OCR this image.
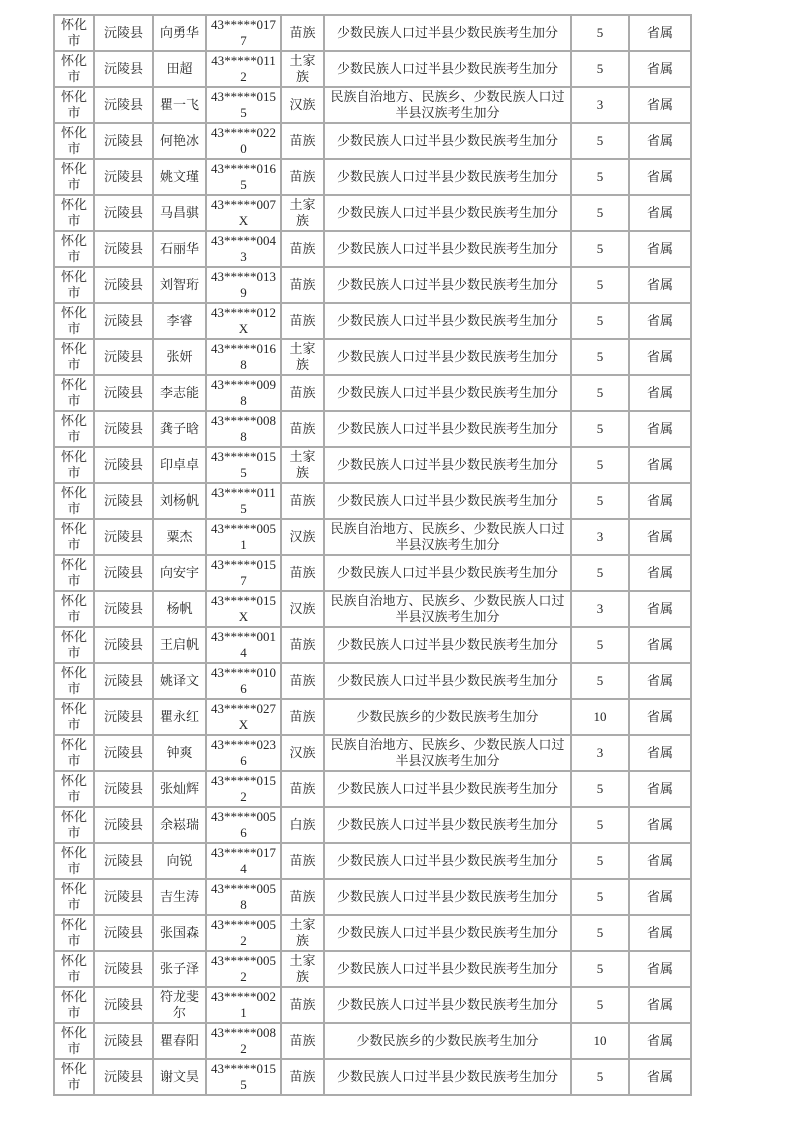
怀化市	沅陵县	向勇华	43*****0177	苗族	少数民族人口过半县少数民族考生加分	5	省属
怀化市	沅陵县	田超	43*****0112	土家族	少数民族人口过半县少数民族考生加分	5	省属
怀化市	沅陵县	瞿一飞	43*****0155	汉族	民族自治地方、民族乡、少数民族人口过半县汉族考生加分	3	省属
怀化市	沅陵县	何艳冰	43*****0220	苗族	少数民族人口过半县少数民族考生加分	5	省属
怀化市	沅陵县	姚文瑾	43*****0165	苗族	少数民族人口过半县少数民族考生加分	5	省属
怀化市	沅陵县	马昌骐	43*****007X	土家族	少数民族人口过半县少数民族考生加分	5	省属
怀化市	沅陵县	石丽华	43*****0043	苗族	少数民族人口过半县少数民族考生加分	5	省属
怀化市	沅陵县	刘智珩	43*****0139	苗族	少数民族人口过半县少数民族考生加分	5	省属
怀化市	沅陵县	李睿	43*****012X	苗族	少数民族人口过半县少数民族考生加分	5	省属
怀化市	沅陵县	张妍	43*****0168	土家族	少数民族人口过半县少数民族考生加分	5	省属
怀化市	沅陵县	李志能	43*****0098	苗族	少数民族人口过半县少数民族考生加分	5	省属
怀化市	沅陵县	龚子晗	43*****0088	苗族	少数民族人口过半县少数民族考生加分	5	省属
怀化市	沅陵县	印卓卓	43*****0155	土家族	少数民族人口过半县少数民族考生加分	5	省属
怀化市	沅陵县	刘杨帆	43*****0115	苗族	少数民族人口过半县少数民族考生加分	5	省属
怀化市	沅陵县	粟杰	43*****0051	汉族	民族自治地方、民族乡、少数民族人口过半县汉族考生加分	3	省属
怀化市	沅陵县	向安宇	43*****0157	苗族	少数民族人口过半县少数民族考生加分	5	省属
怀化市	沅陵县	杨帆	43*****015X	汉族	民族自治地方、民族乡、少数民族人口过半县汉族考生加分	3	省属
怀化市	沅陵县	王启帆	43*****0014	苗族	少数民族人口过半县少数民族考生加分	5	省属
怀化市	沅陵县	姚译文	43*****0106	苗族	少数民族人口过半县少数民族考生加分	5	省属
怀化市	沅陵县	瞿永红	43*****027X	苗族	少数民族乡的少数民族考生加分	10	省属
怀化市	沅陵县	钟爽	43*****0236	汉族	民族自治地方、民族乡、少数民族人口过半县汉族考生加分	3	省属
怀化市	沅陵县	张灿辉	43*****0152	苗族	少数民族人口过半县少数民族考生加分	5	省属
怀化市	沅陵县	余崧瑞	43*****0056	白族	少数民族人口过半县少数民族考生加分	5	省属
怀化市	沅陵县	向锐	43*****0174	苗族	少数民族人口过半县少数民族考生加分	5	省属
怀化市	沅陵县	吉生涛	43*****0058	苗族	少数民族人口过半县少数民族考生加分	5	省属
怀化市	沅陵县	张国森	43*****0052	土家族	少数民族人口过半县少数民族考生加分	5	省属
怀化市	沅陵县	张子泽	43*****0052	土家族	少数民族人口过半县少数民族考生加分	5	省属
怀化市	沅陵县	符龙斐尔	43*****0021	苗族	少数民族人口过半县少数民族考生加分	5	省属
怀化市	沅陵县	瞿春阳	43*****0082	苗族	少数民族乡的少数民族考生加分	10	省属
怀化市	沅陵县	谢文昊	43*****0155	苗族	少数民族人口过半县少数民族考生加分	5	省属
